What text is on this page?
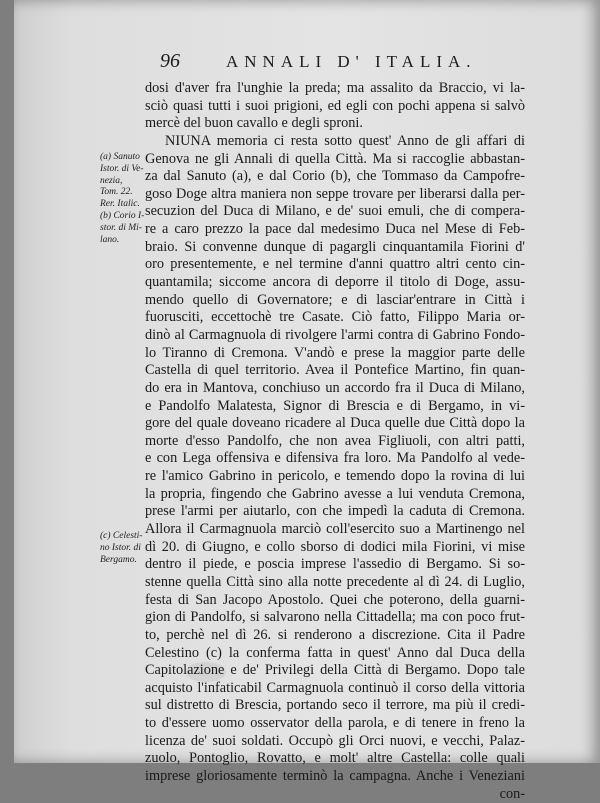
96	ANNALI D' ITALIA.
(a) Sanuto
Istor. di Ve-
nezia,
Tom. 22.
Rer. Italic.
(b) Corio I-
stor. di Mi-
lano.
(c) Celesti-
no Istor. di
Bergamo.
dosi d'aver fra l'unghie la preda; ma assalito da Braccio, vi la-
sciò quasi tutti i suoi prigioni, ed egli con pochi appena si salvò
mercè del buon cavallo e degli sproni.
NIUNA memoria ci resta sotto quest' Anno de gli affari di
Genova ne gli Annali di quella Città. Ma si raccoglie abbastan-
za dal Sanuto (a), e dal Corio (b), che Tommaso da Campofre-
goso Doge altra maniera non seppe trovare per liberarsi dalla per-
secuzion del Duca di Milano, e de' suoi emuli, che di compera-
re a caro prezzo la pace dal medesimo Duca nel Mese di Feb-
braio. Si convenne dunque di pagargli cinquantamila Fiorini d'
oro presentemente, e nel termine d'anni quattro altri cento cin-
quantamila; siccome ancora di deporre il titolo di Doge, assu-
mendo quello di Governatore; e di lasciar'entrare in Città i
fuorusciti, eccettochè tre Casate. Ciò fatto, Filippo Maria or-
dinò al Carmagnuola di rivolgere l'armi contra di Gabrino Fondo-
lo Tiranno di Cremona. V'andò e prese la maggior parte delle
Castella di quel territorio. Avea il Pontefice Martino, fin quan-
do era in Mantova, conchiuso un accordo fra il Duca di Milano,
e Pandolfo Malatesta, Signor di Brescia e di Bergamo, in vi-
gore del quale doveano ricadere al Duca quelle due Città dopo la
morte d'esso Pandolfo, che non avea Figliuoli, con altri patti,
e con Lega offensiva e difensiva fra loro. Ma Pandolfo al vede-
re l'amico Gabrino in pericolo, e temendo dopo la rovina di lui
la propria, fingendo che Gabrino avesse a lui venduta Cremona,
prese l'armi per aiutarlo, con che impedì la caduta di Cremona.
Allora il Carmagnuola marciò coll'esercito suo a Martinengo nel
dì 20. di Giugno, e collo sborso di dodici mila Fiorini, vi mise
dentro il piede, e poscia imprese l'assedio di Bergamo. Si so-
stenne quella Città sino alla notte precedente al dì 24. di Luglio,
festa di San Jacopo Apostolo. Quei che poterono, della guarni-
gion di Pandolfo, si salvarono nella Cittadella; ma con poco frut-
to, perchè nel dì 26. si renderono a discrezione. Cita il Padre
Celestino (c) la conferma fatta in quest' Anno dal Duca della
Capitolazione e de' Privilegi della Città di Bergamo. Dopo tale
acquisto l'infaticabil Carmagnuola continuò il corso della vittoria
sul distretto di Brescia, portando seco il terrore, ma più il credi-
to d'essere uomo osservator della parola, e di tenere in freno la
licenza de' suoi soldati. Occupò gli Orci nuovi, e vecchi, Palaz-
zuolo, Pontoglio, Rovatto, e molt' altre Castella: colle quali
imprese gloriosamente terminò la campagna. Anche i Veneziani
con-
